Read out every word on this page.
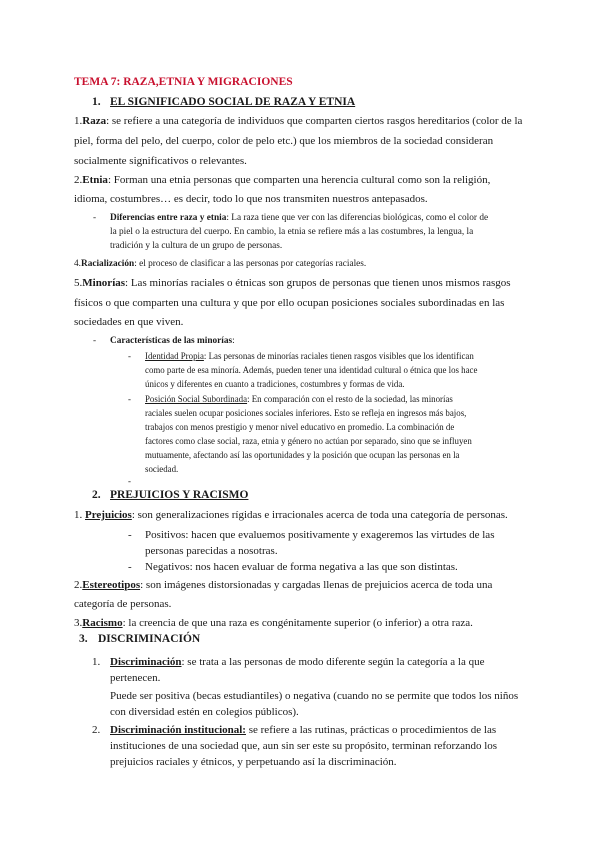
TEMA 7: RAZA,ETNIA Y MIGRACIONES
1. EL SIGNIFICADO SOCIAL DE RAZA Y ETNIA
1.Raza: se refiere a una categoría de individuos que comparten ciertos rasgos hereditarios (color de la
piel, forma del pelo, del cuerpo, color de pelo etc.) que los miembros de la sociedad consideran
socialmente significativos o relevantes.
2.Etnia: Forman una etnia personas que comparten una herencia cultural como son la religión,
idioma, costumbres… es decir, todo lo que nos transmiten nuestros antepasados.
- Diferencias entre raza y etnia: La raza tiene que ver con las diferencias biológicas, como el color de
la piel o la estructura del cuerpo. En cambio, la etnia se refiere más a las costumbres, la lengua, la
tradición y la cultura de un grupo de personas.
4.Racialización: el proceso de clasificar a las personas por categorías raciales.
5.Minorías: Las minorías raciales o étnicas son grupos de personas que tienen unos mismos rasgos
físicos o que comparten una cultura y que por ello ocupan posiciones sociales subordinadas en las
sociedades en que viven.
- Características de las minorías:
- Identidad Propia: Las personas de minorías raciales tienen rasgos visibles que los identifican
como parte de esa minoría. Además, pueden tener una identidad cultural o étnica que los hace
únicos y diferentes en cuanto a tradiciones, costumbres y formas de vida.
- Posición Social Subordinada: En comparación con el resto de la sociedad, las minorías
raciales suelen ocupar posiciones sociales inferiores. Esto se refleja en ingresos más bajos,
trabajos con menos prestigio y menor nivel educativo en promedio. La combinación de
factores como clase social, raza, etnia y género no actúan por separado, sino que se influyen
mutuamente, afectando así las oportunidades y la posición que ocupan las personas en la
sociedad.
-
2. PREJUICIOS Y RACISMO
1. Prejuicios: son generalizaciones rígidas e irracionales acerca de toda una categoría de personas.
- Positivos: hacen que evaluemos positivamente y exageremos las virtudes de las
personas parecidas a nosotras.
- Negativos: nos hacen evaluar de forma negativa a las que son distintas.
2.Estereotipos: son imágenes distorsionadas y cargadas llenas de prejuicios acerca de toda una
categoría de personas.
3.Racismo: la creencia de que una raza es congénitamente superior (o inferior) a otra raza.
3. DISCRIMINACIÓN
1. Discriminación: se trata a las personas de modo diferente según la categoría a la que
pertenecen.
Puede ser positiva (becas estudiantiles) o negativa (cuando no se permite que todos los niños
con diversidad estén en colegios públicos).
2. Discriminación institucional: se refiere a las rutinas, prácticas o procedimientos de las
instituciones de una sociedad que, aun sin ser este su propósito, terminan reforzando los
prejuicios raciales y étnicos, y perpetuando así la discriminación.
